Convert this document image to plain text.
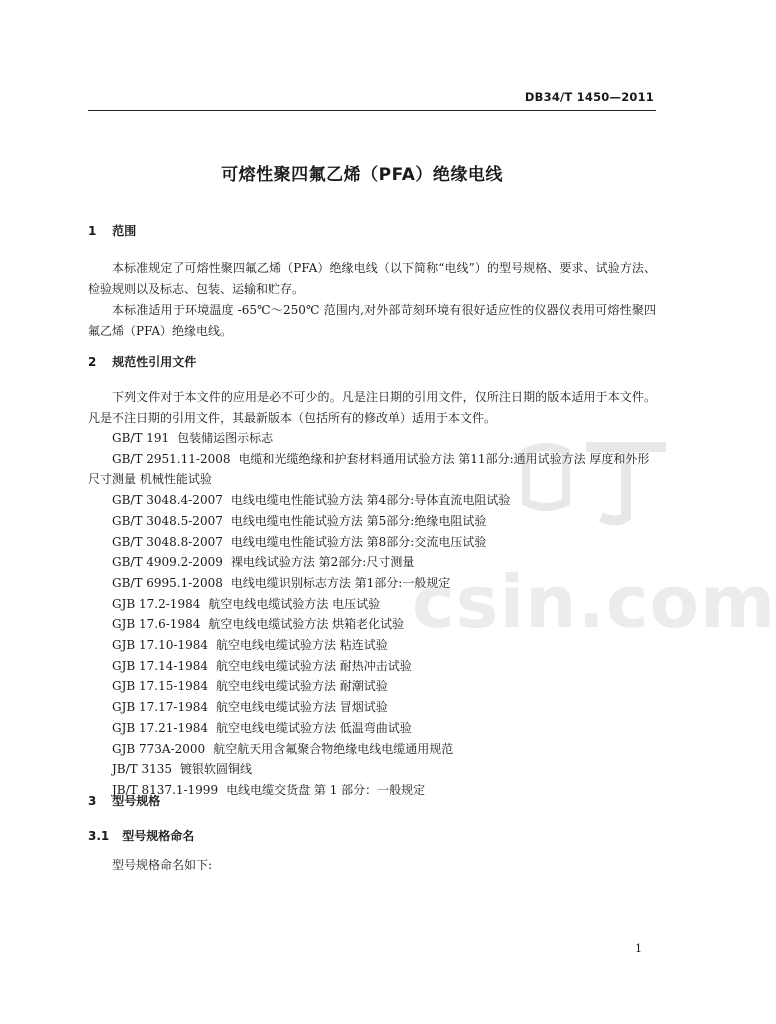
DB34/T 1450—2011
可熔性聚四氟乙烯（PFA）绝缘电线
1 范围

本标准规定了可熔性聚四氟乙烯（PFA）绝缘电线（以下简称“电线”）的型号规格、要求、试验方法、检验规则以及标志、包装、运输和贮存。

本标准适用于环境温度 -65℃～250℃ 范围内,对外部苛刻环境有很好适应性的仪器仪表用可熔性聚四氟乙烯（PFA）绝缘电线。

2 规范性引用文件

下列文件对于本文件的应用是必不可少的。凡是注日期的引用文件，仅所注日期的版本适用于本文件。凡是不注日期的引用文件，其最新版本（包括所有的修改单）适用于本文件。

GB/T 191 包装储运图示标志
GB/T 2951.11-2008 电缆和光缆绝缘和护套材料通用试验方法 第11部分:通用试验方法 厚度和外形尺寸测量 机械性能试验
GB/T 3048.4-2007 电线电缆电性能试验方法 第4部分:导体直流电阻试验
GB/T 3048.5-2007 电线电缆电性能试验方法 第5部分:绝缘电阻试验
GB/T 3048.8-2007 电线电缆电性能试验方法 第8部分:交流电压试验
GB/T 4909.2-2009 裸电线试验方法 第2部分:尺寸测量
GB/T 6995.1-2008 电线电缆识别标志方法 第1部分:一般规定
GJB 17.2-1984 航空电线电缆试验方法 电压试验
GJB 17.6-1984 航空电线电缆试验方法 烘箱老化试验
GJB 17.10-1984 航空电线电缆试验方法 粘连试验
GJB 17.14-1984 航空电线电缆试验方法 耐热冲击试验
GJB 17.15-1984 航空电线电缆试验方法 耐潮试验
GJB 17.17-1984 航空电线电缆试验方法 冒烟试验
GJB 17.21-1984 航空电线电缆试验方法 低温弯曲试验
GJB 773A-2000 航空航天用含氟聚合物绝缘电线电缆通用规范
JB/T 3135 镀银软圆铜线
JB/T 8137.1-1999 电线电缆交货盘 第 1 部分：一般规定
3 型号规格
3.1 型号规格命名

型号规格命名如下:

csin.com
1
